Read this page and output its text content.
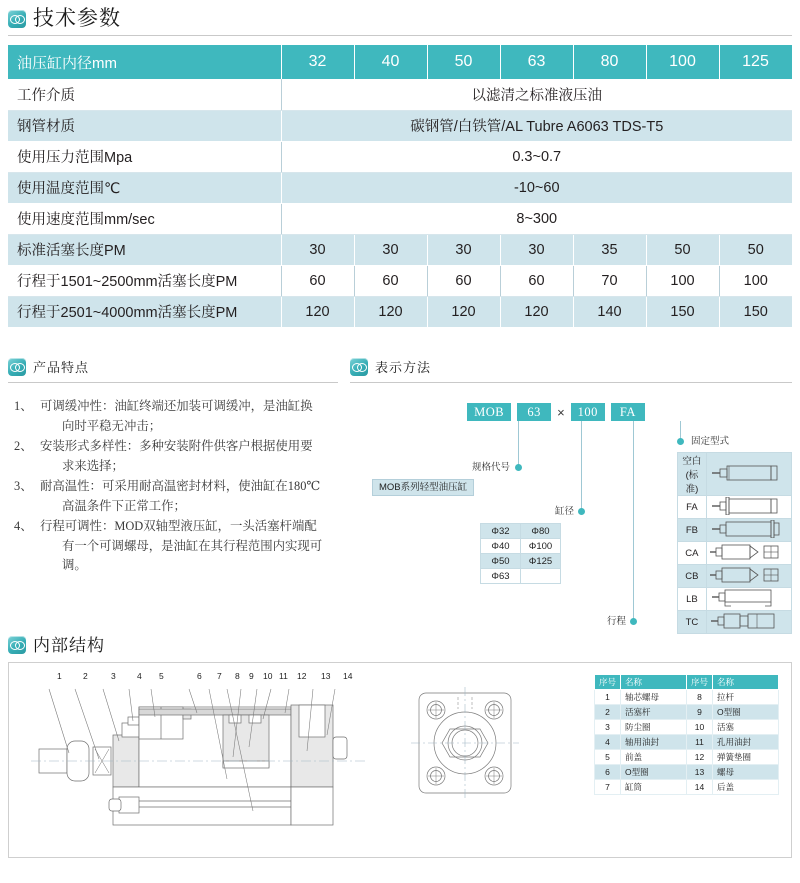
技术参数
油压缸内径mm	32	40	50	63	80	100	125
工作介质	以滤清之标准液压油						
钢管材质	碳钢管/白铁管/AL Tubre A6063 TDS-T5						
使用压力范围Mpa	0.3~0.7						
使用温度范围℃	-10~60						
使用速度范围mm/sec	8~300						
标准活塞长度PM	30	30	30	30	35	50	50
行程于1501~2500mm活塞长度PM	60	60	60	60	70	100	100
行程于2501~4000mm活塞长度PM	120	120	120	120	140	150	150
产品特点
1、 可调缓冲性：油缸终端还加装可调缓冲，是油缸换
向时平稳无冲击；
2、 安装形式多样性：多种安装附件供客户根据使用要
求来选择；
3、 耐高温性：可采用耐高温密封材料，使油缸在180℃
高温条件下正常工作；
4、 行程可调性：MOD双轴型液压缸，一头活塞杆端配
有一个可调螺母，是油缸在其行程范围内实现可调。
表示方法
MOB	63	×	100	FA
规格代号
MOB系列轻型油压缸
缸径
Φ32	Φ80
Φ40	Φ100
Φ50	Φ125
Φ63	
行程
固定型式
空白(标准)	
FA	
FB	
CA	
CB	
LB	
TC	
内部结构
1	2	3	4 5	6 7 8 9 10 11 12 13 14
序号	名称	序号	名称
1	轴芯螺母	8	拉杆
2	活塞杆	9	O型圈
3	防尘圈	10	活塞
4	轴用油封	11	孔用油封
5	前盖	12	弹簧垫圈
6	O型圈	13	螺母
7	缸筒	14	后盖
